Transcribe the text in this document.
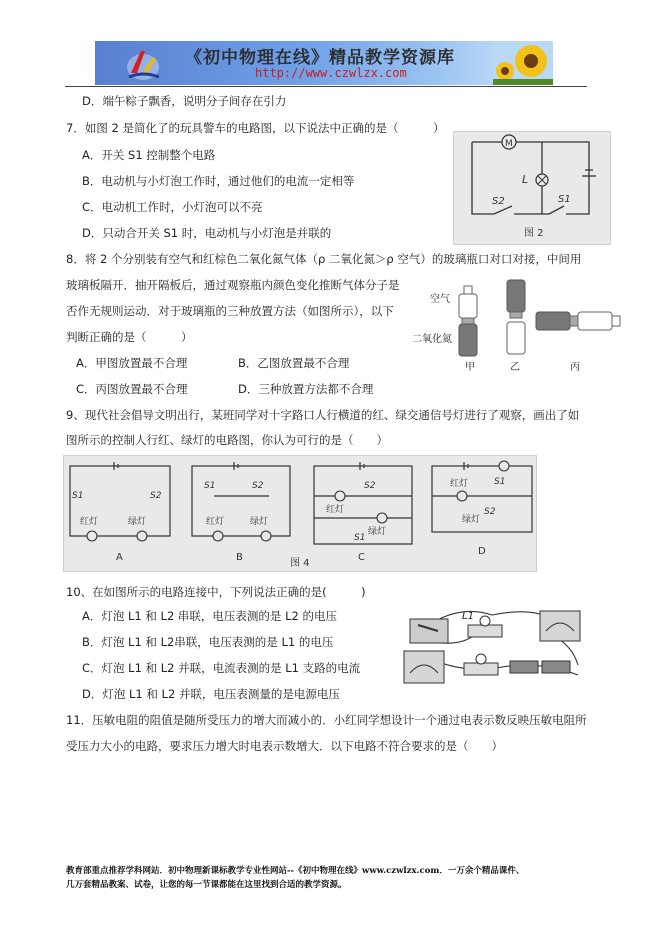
《初中物理在线》精品教学资源库
http://www.czwlzx.com
D．端午粽子飘香，说明分子间存在引力
7．如图 2 是简化了的玩具警车的电路图，以下说法中正确的是（　　　）
A．开关 S1 控制整个电路
B．电动机与小灯泡工作时，通过他们的电流一定相等
C．电动机工作时，小灯泡可以不亮
D．只动合开关 S1 时，电动机与小灯泡是并联的
8．将 2 个分别装有空气和红棕色二氧化氮气体（ρ 二氧化氮＞ρ 空气）的玻璃瓶口对口对接，中间用
玻璃板隔开．抽开隔板后，通过观察瓶内颜色变化推断气体分子是
否作无规则运动．对于玻璃瓶的三种放置方法（如图所示），以下
判断正确的是（　　　）
A．甲图放置最不合理	B．乙图放置最不合理
C．丙图放置最不合理	D．三种放置方法都不合理
9、现代社会倡导文明出行，某班同学对十字路口人行横道的红、绿交通信号灯进行了观察，画出了如
图所示的控制人行红、绿灯的电路图，你认为可行的是（　　）
10、在如图所示的电路连接中，下列说法正确的是(　　　)
A．灯泡 L1 和 L2 串联，电压表测的是 L2 的电压
B．灯泡 L1 和 L2串联，电压表测的是 L1 的电压
C．灯泡 L1 和 L2 并联，电流表测的是 L1 支路的电流
D．灯泡 L1 和 L2 并联，电压表测量的是电源电压
11．压敏电阻的阻值是随所受压力的增大而减小的．小红同学想设计一个通过电表示数反映压敏电阻所
受压力大小的电路，要求压力增大时电表示数增大．以下电路不符合要求的是（　　）
M
L
S2	S1
图 2
空气
二氧化氮
甲	乙	丙
S1	S2
红灯	绿灯
S1	S2
红灯	绿灯
S2
S1
红灯
绿灯
红灯
S2
S1
绿灯
A	B	C
D
图 4
L1
教育部重点推荐学科网站．初中物理新课标教学专业性网站--《初中物理在线》www.czwlzx.com．一万余个精品课件、
几万套精品教案、试卷，让您的每一节课都能在这里找到合适的教学资源。
